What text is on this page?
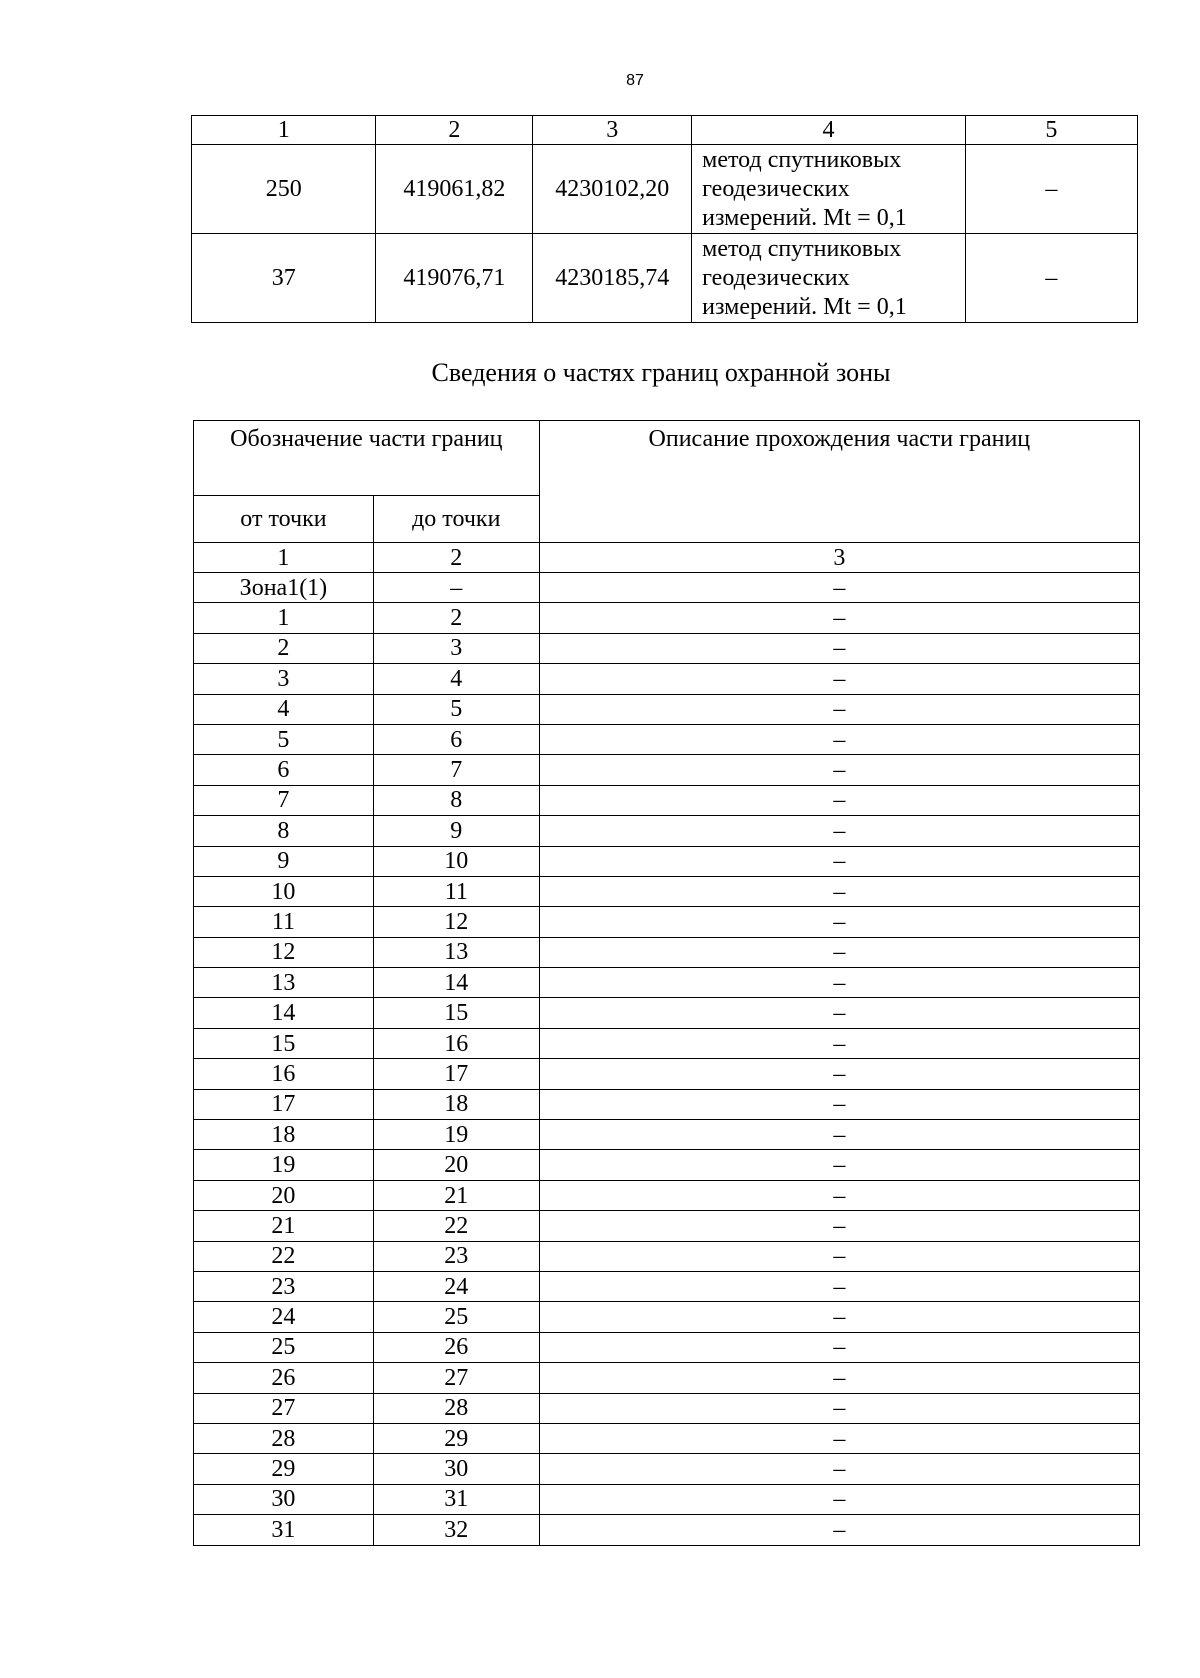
87
1	2	3	4	5
250	419061,82	4230102,20	метод спутниковых
геодезических
измерений. Mt = 0,1	–
37	419076,71	4230185,74	метод спутниковых
геодезических
измерений. Mt = 0,1	–
Сведения о частях границ охранной зоны
Обозначение части границ		Описание прохождения части границ
от точки	до точки	
1	2	3
Зона1(1)	–	–
1	2	–
2	3	–
3	4	–
4	5	–
5	6	–
6	7	–
7	8	–
8	9	–
9	10	–
10	11	–
11	12	–
12	13	–
13	14	–
14	15	–
15	16	–
16	17	–
17	18	–
18	19	–
19	20	–
20	21	–
21	22	–
22	23	–
23	24	–
24	25	–
25	26	–
26	27	–
27	28	–
28	29	–
29	30	–
30	31	–
31	32	–
